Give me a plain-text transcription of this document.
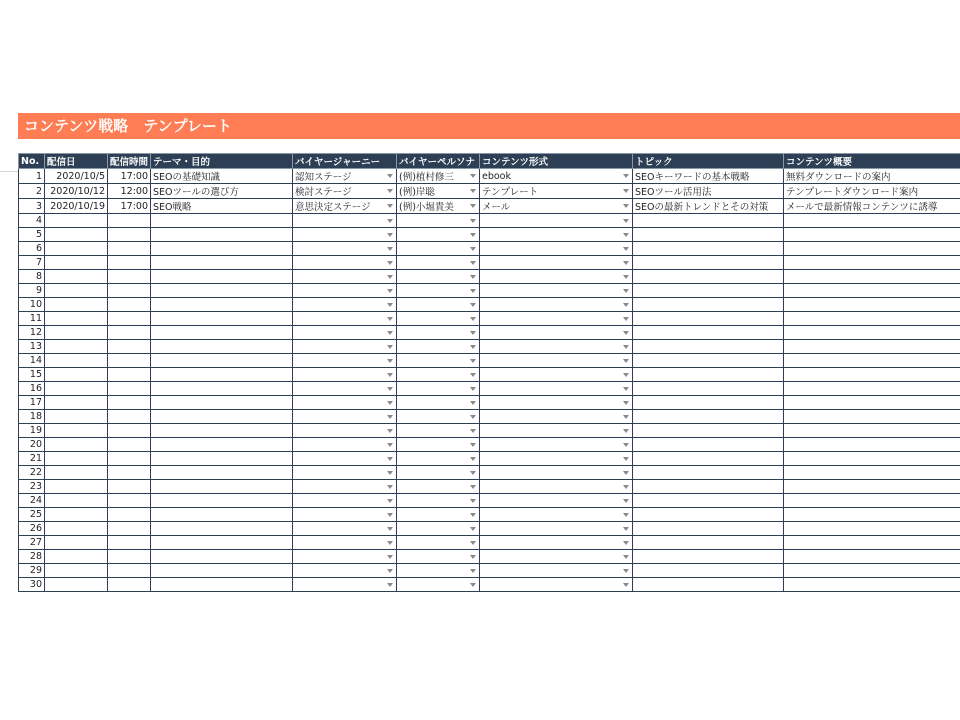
コンテンツ戦略　テンプレート
No.	配信日	配信時間	テーマ・目的	バイヤージャーニー	バイヤーペルソナ	コンテンツ形式	トピック	コンテンツ概要
1	2020/10/5	17:00	SEOの基礎知識	認知ステージ	(例)植村修三	ebook	SEOキーワードの基本戦略	無料ダウンロードの案内
2	2020/10/12	12:00	SEOツールの選び方	検討ステージ	(例)岸聡	テンプレート	SEOツール活用法	テンプレートダウンロード案内
3	2020/10/19	17:00	SEO戦略	意思決定ステージ	(例)小堀貴美	メール	SEOの最新トレンドとその対策	メールで最新情報コンテンツに誘導
4				

5				

6				

7				

8				

9				

10				

11				

12				

13				

14				

15				

16				

17				

18				

19				

20				

21				

22				

23				

24				

25				

26				

27				

28				

29				

30				
